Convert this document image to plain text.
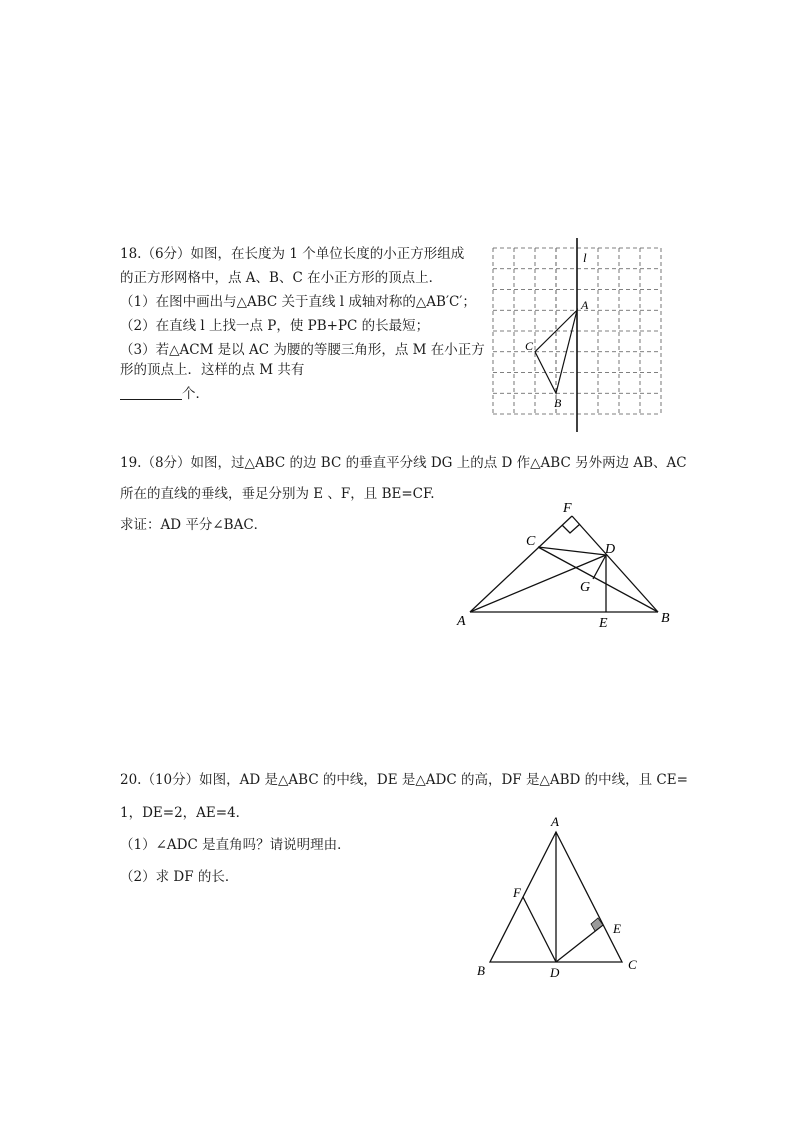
18.（6分）如图，在长度为 1 个单位长度的小正方形组成
的正方形网格中，点 A、B、C 在小正方形的顶点上．
（1）在图中画出与△ABC 关于直线 l 成轴对称的△AB′C′；
（2）在直线 l 上找一点 P，使 PB+PC 的长最短；
（3）若△ACM 是以 AC 为腰的等腰三角形，点 M 在小正方
形的顶点上．这样的点 M 共有
个．
l
A
C
B
19.（8分）如图，过△ABC 的边 BC 的垂直平分线 DG 上的点 D 作△ABC 另外两边 AB、AC
所在的直线的垂线，垂足分别为 E 、F，且 BE=CF.
求证：AD 平分∠BAC．
F
C
D
G
A	E	B
20.（10分）如图，AD 是△ABC 的中线，DE 是△ADC 的高，DF 是△ABD 的中线，且 CE=
1，DE=2，AE=4．
（1）∠ADC 是直角吗？请说明理由．
（2）求 DF 的长．
A
F
E
B	D
C
